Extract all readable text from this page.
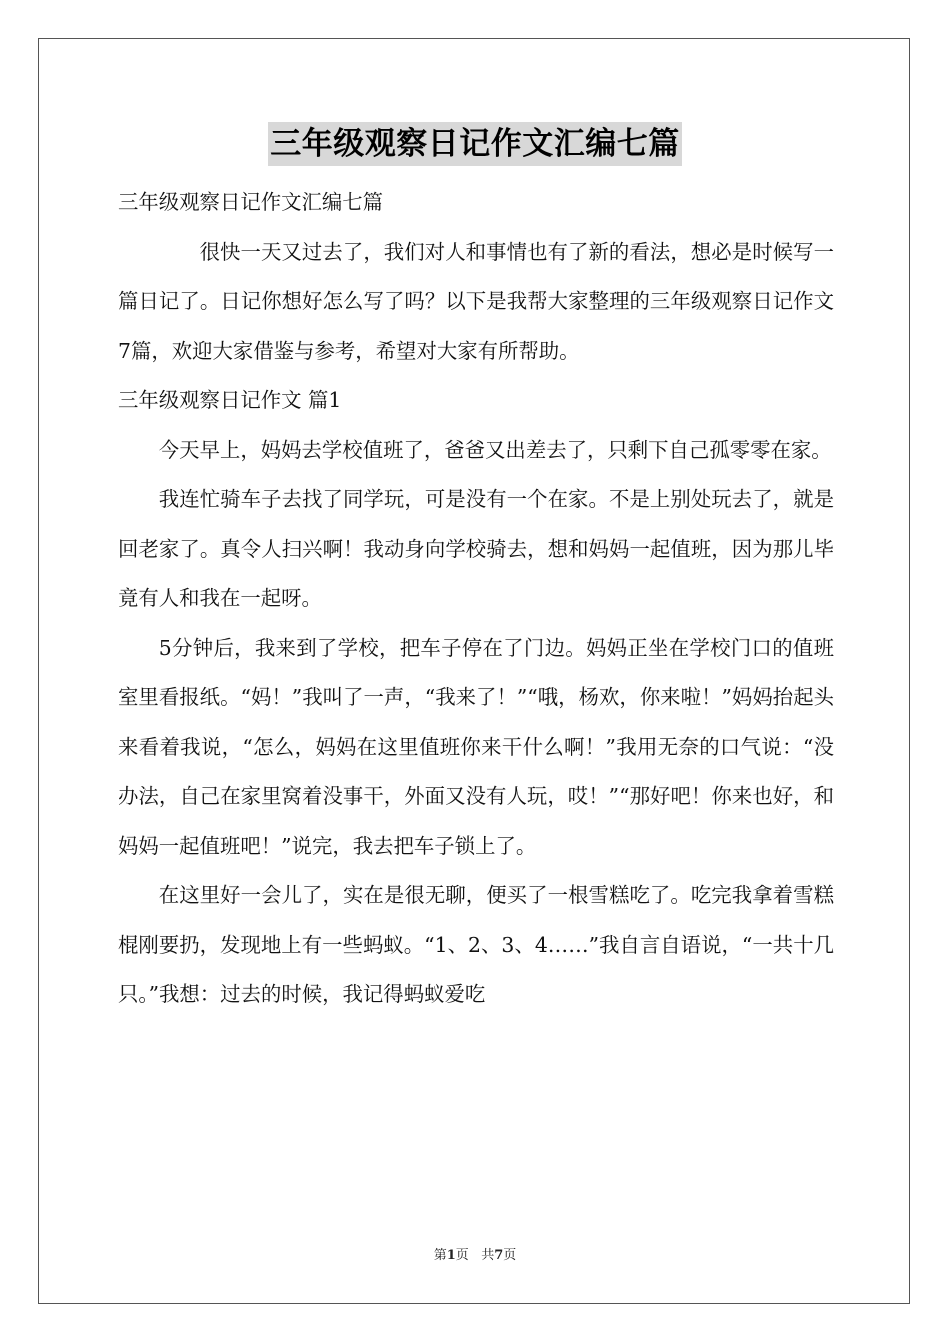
三年级观察日记作文汇编七篇

三年级观察日记作文汇编七篇

很快一天又过去了，我们对人和事情也有了新的看法，想必是时候写一篇日记了。日记你想好怎么写了吗？以下是我帮大家整理的三年级观察日记作文7篇，欢迎大家借鉴与参考，希望对大家有所帮助。

三年级观察日记作文 篇1

今天早上，妈妈去学校值班了，爸爸又出差去了，只剩下自己孤零零在家。

我连忙骑车子去找了同学玩，可是没有一个在家。不是上别处玩去了，就是回老家了。真令人扫兴啊！我动身向学校骑去，想和妈妈一起值班，因为那儿毕竟有人和我在一起呀。

5分钟后，我来到了学校，把车子停在了门边。妈妈正坐在学校门口的值班室里看报纸。“妈！”我叫了一声，“我来了！”“哦，杨欢，你来啦！”妈妈抬起头来看着我说，“怎么，妈妈在这里值班你来干什么啊！”我用无奈的口气说：“没办法，自己在家里窝着没事干，外面又没有人玩，哎！”“那好吧！你来也好，和妈妈一起值班吧！”说完，我去把车子锁上了。

在这里好一会儿了，实在是很无聊，便买了一根雪糕吃了。吃完我拿着雪糕棍刚要扔，发现地上有一些蚂蚁。“1、2、3、4……”我自言自语说，“一共十几只。”我想：过去的时候，我记得蚂蚁爱吃

第1页 共7页
